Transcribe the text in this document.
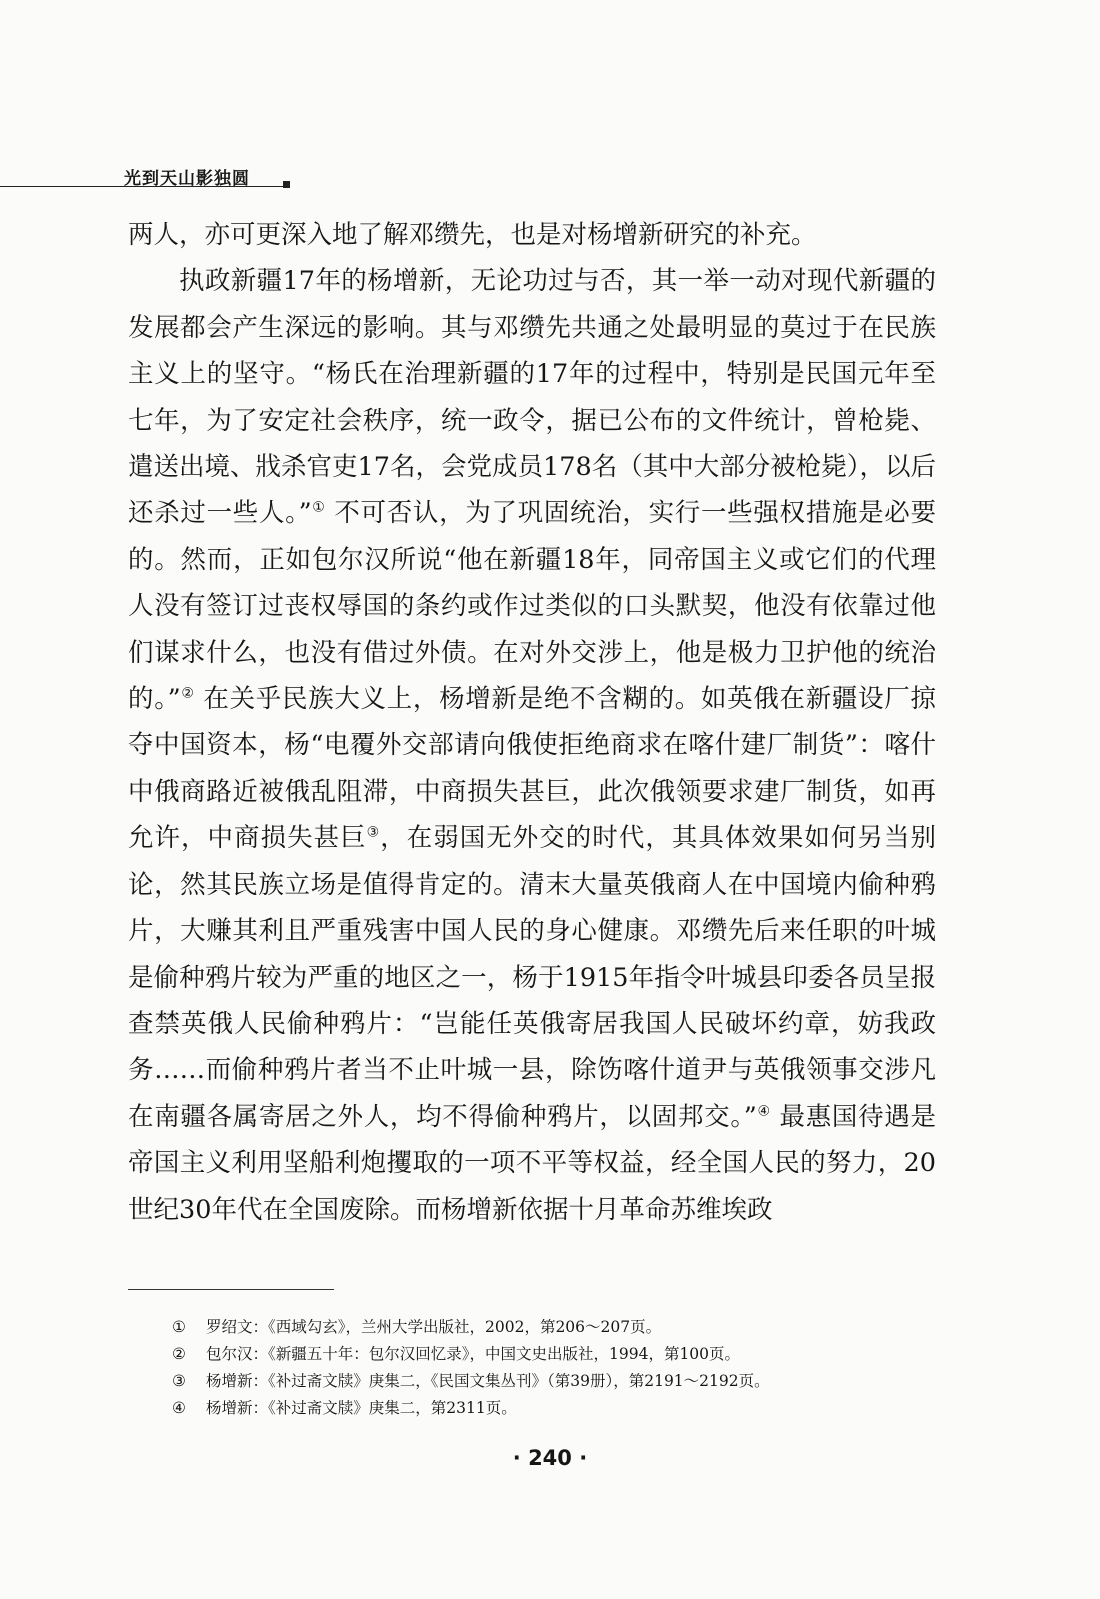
光到天山影独圆

两人，亦可更深入地了解邓缵先，也是对杨增新研究的补充。

执政新疆17年的杨增新，无论功过与否，其一举一动对现代新疆的发展都会产生深远的影响。其与邓缵先共通之处最明显的莫过于在民族主义上的坚守。“杨氏在治理新疆的17年的过程中，特别是民国元年至七年，为了安定社会秩序，统一政令，据已公布的文件统计，曾枪毙、遣送出境、戕杀官吏17名，会党成员178名（其中大部分被枪毙），以后还杀过一些人。”① 不可否认，为了巩固统治，实行一些强权措施是必要的。然而，正如包尔汉所说“他在新疆18年，同帝国主义或它们的代理人没有签订过丧权辱国的条约或作过类似的口头默契，他没有依靠过他们谋求什么，也没有借过外债。在对外交涉上，他是极力卫护他的统治的。”② 在关乎民族大义上，杨增新是绝不含糊的。如英俄在新疆设厂掠夺中国资本，杨“电覆外交部请向俄使拒绝商求在喀什建厂制货”：喀什中俄商路近被俄乱阻滞，中商损失甚巨，此次俄领要求建厂制货，如再允许，中商损失甚巨③，在弱国无外交的时代，其具体效果如何另当别论，然其民族立场是值得肯定的。清末大量英俄商人在中国境内偷种鸦片，大赚其利且严重残害中国人民的身心健康。邓缵先后来任职的叶城是偷种鸦片较为严重的地区之一，杨于1915年指令叶城县印委各员呈报查禁英俄人民偷种鸦片：“岂能任英俄寄居我国人民破坏约章，妨我政务……而偷种鸦片者当不止叶城一县，除饬喀什道尹与英俄领事交涉凡在南疆各属寄居之外人，均不得偷种鸦片，以固邦交。”④ 最惠国待遇是帝国主义利用坚船利炮攫取的一项不平等权益，经全国人民的努力，20世纪30年代在全国废除。而杨增新依据十月革命苏维埃政

① 罗绍文：《西域勾玄》，兰州大学出版社，2002，第206～207页。
② 包尔汉：《新疆五十年：包尔汉回忆录》，中国文史出版社，1994，第100页。
③ 杨增新：《补过斋文牍》庚集二，《民国文集丛刊》（第39册），第2191～2192页。
④ 杨增新：《补过斋文牍》庚集二，第2311页。
· 240 ·
